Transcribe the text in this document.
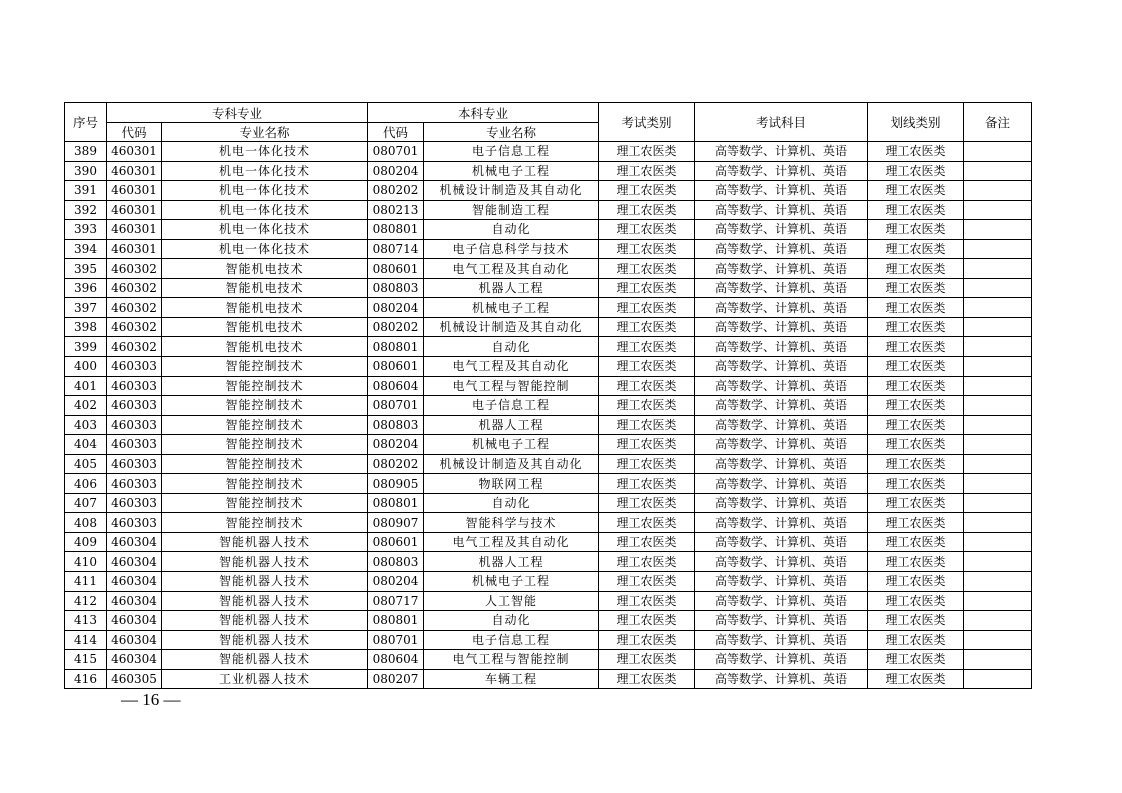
序号	专科专业		本科专业		考试类别	考试科目	划线类别	备注
	代码	专业名称	代码	专业名称				
389	460301	机电一体化技术	080701	电子信息工程	理工农医类	高等数学、计算机、英语	理工农医类	
390	460301	机电一体化技术	080204	机械电子工程	理工农医类	高等数学、计算机、英语	理工农医类	
391	460301	机电一体化技术	080202	机械设计制造及其自动化	理工农医类	高等数学、计算机、英语	理工农医类	
392	460301	机电一体化技术	080213	智能制造工程	理工农医类	高等数学、计算机、英语	理工农医类	
393	460301	机电一体化技术	080801	自动化	理工农医类	高等数学、计算机、英语	理工农医类	
394	460301	机电一体化技术	080714	电子信息科学与技术	理工农医类	高等数学、计算机、英语	理工农医类	
395	460302	智能机电技术	080601	电气工程及其自动化	理工农医类	高等数学、计算机、英语	理工农医类	
396	460302	智能机电技术	080803	机器人工程	理工农医类	高等数学、计算机、英语	理工农医类	
397	460302	智能机电技术	080204	机械电子工程	理工农医类	高等数学、计算机、英语	理工农医类	
398	460302	智能机电技术	080202	机械设计制造及其自动化	理工农医类	高等数学、计算机、英语	理工农医类	
399	460302	智能机电技术	080801	自动化	理工农医类	高等数学、计算机、英语	理工农医类	
400	460303	智能控制技术	080601	电气工程及其自动化	理工农医类	高等数学、计算机、英语	理工农医类	
401	460303	智能控制技术	080604	电气工程与智能控制	理工农医类	高等数学、计算机、英语	理工农医类	
402	460303	智能控制技术	080701	电子信息工程	理工农医类	高等数学、计算机、英语	理工农医类	
403	460303	智能控制技术	080803	机器人工程	理工农医类	高等数学、计算机、英语	理工农医类	
404	460303	智能控制技术	080204	机械电子工程	理工农医类	高等数学、计算机、英语	理工农医类	
405	460303	智能控制技术	080202	机械设计制造及其自动化	理工农医类	高等数学、计算机、英语	理工农医类	
406	460303	智能控制技术	080905	物联网工程	理工农医类	高等数学、计算机、英语	理工农医类	
407	460303	智能控制技术	080801	自动化	理工农医类	高等数学、计算机、英语	理工农医类	
408	460303	智能控制技术	080907	智能科学与技术	理工农医类	高等数学、计算机、英语	理工农医类	
409	460304	智能机器人技术	080601	电气工程及其自动化	理工农医类	高等数学、计算机、英语	理工农医类	
410	460304	智能机器人技术	080803	机器人工程	理工农医类	高等数学、计算机、英语	理工农医类	
411	460304	智能机器人技术	080204	机械电子工程	理工农医类	高等数学、计算机、英语	理工农医类	
412	460304	智能机器人技术	080717	人工智能	理工农医类	高等数学、计算机、英语	理工农医类	
413	460304	智能机器人技术	080801	自动化	理工农医类	高等数学、计算机、英语	理工农医类	
414	460304	智能机器人技术	080701	电子信息工程	理工农医类	高等数学、计算机、英语	理工农医类	
415	460304	智能机器人技术	080604	电气工程与智能控制	理工农医类	高等数学、计算机、英语	理工农医类	
416	460305	工业机器人技术	080207	车辆工程	理工农医类	高等数学、计算机、英语	理工农医类	
— 16 —
